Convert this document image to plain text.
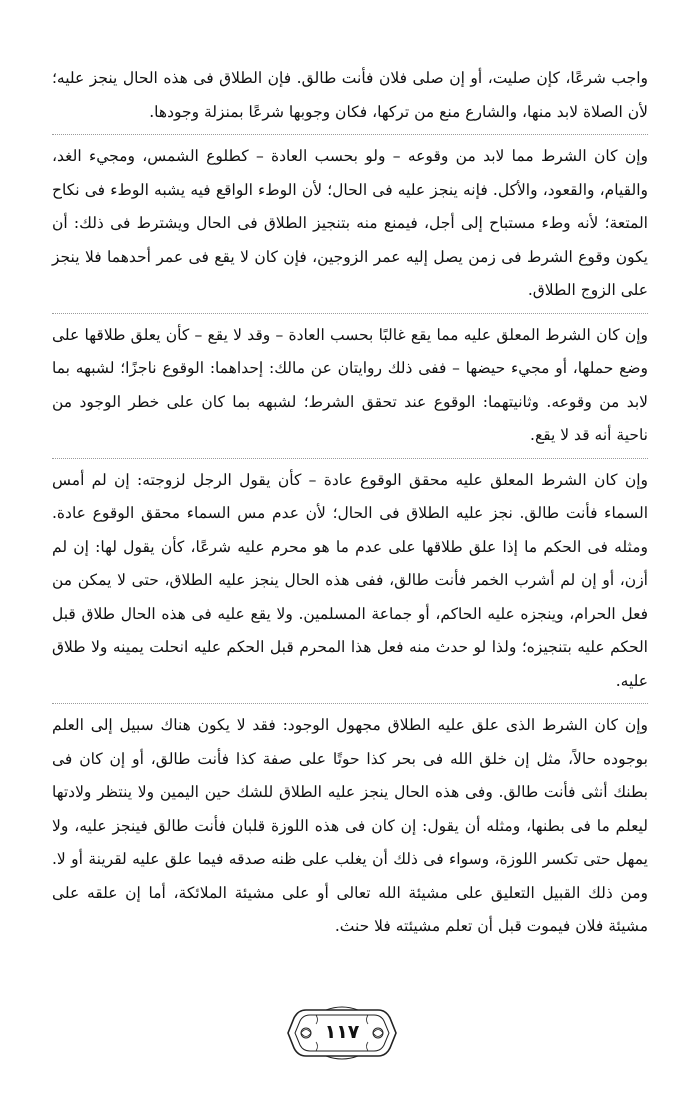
واجب شرعًا، كإن صليت، أو إن صلى فلان فأنت طالق. فإن الطلاق فى هذه الحال ينجز عليه؛ لأن الصلاة لابد منها، والشارع منع من تركها، فكان وجوبها شرعًا بمنزلة وجودها.

وإن كان الشرط مما لابد من وقوعه – ولو بحسب العادة – كطلوع الشمس، ومجيء الغد، والقيام، والقعود، والأكل. فإنه ينجز عليه فى الحال؛ لأن الوطء الواقع فيه يشبه الوطء فى نكاح المتعة؛ لأنه وطء مستباح إلى أجل، فيمنع منه بتنجيز الطلاق فى الحال ويشترط فى ذلك: أن يكون وقوع الشرط فى زمن يصل إليه عمر الزوجين، فإن كان لا يقع فى عمر أحدهما فلا ينجز على الزوج الطلاق.

وإن كان الشرط المعلق عليه مما يقع غالبًا بحسب العادة – وقد لا يقع – كأن يعلق طلاقها على وضع حملها، أو مجيء حيضها – ففى ذلك روايتان عن مالك: إحداهما: الوقوع ناجزًا؛ لشبهه بما لابد من وقوعه. وثانيتهما: الوقوع عند تحقق الشرط؛ لشبهه بما كان على خطر الوجود من ناحية أنه قد لا يقع.

وإن كان الشرط المعلق عليه محقق الوقوع عادة – كأن يقول الرجل لزوجته: إن لم أمس السماء فأنت طالق. نجز عليه الطلاق فى الحال؛ لأن عدم مس السماء محقق الوقوع عادة. ومثله فى الحكم ما إذا علق طلاقها على عدم ما هو محرم عليه شرعًا، كأن يقول لها: إن لم أزن، أو إن لم أشرب الخمر فأنت طالق، ففى هذه الحال ينجز عليه الطلاق، حتى لا يمكن من فعل الحرام، وينجزه عليه الحاكم، أو جماعة المسلمين. ولا يقع عليه فى هذه الحال طلاق قبل الحكم عليه بتنجيزه؛ ولذا لو حدث منه فعل هذا المحرم قبل الحكم عليه انحلت يمينه ولا طلاق عليه.

وإن كان الشرط الذى علق عليه الطلاق مجهول الوجود: فقد لا يكون هناك سبيل إلى العلم بوجوده حالاً، مثل إن خلق الله فى بحر كذا حوتًا على صفة كذا فأنت طالق، أو إن كان فى بطنك أنثى فأنت طالق. وفى هذه الحال ينجز عليه الطلاق للشك حين اليمين ولا ينتظر ولادتها ليعلم ما فى بطنها، ومثله أن يقول: إن كان فى هذه اللوزة قلبان فأنت طالق فينجز عليه، ولا يمهل حتى تكسر اللوزة، وسواء فى ذلك أن يغلب على ظنه صدقه فيما علق عليه لقرينة أو لا. ومن ذلك القبيل التعليق على مشيئة الله تعالى أو على مشيئة الملائكة، أما إن علقه على مشيئة فلان فيموت قبل أن تعلم مشيئته فلا حنث.

١١٧
